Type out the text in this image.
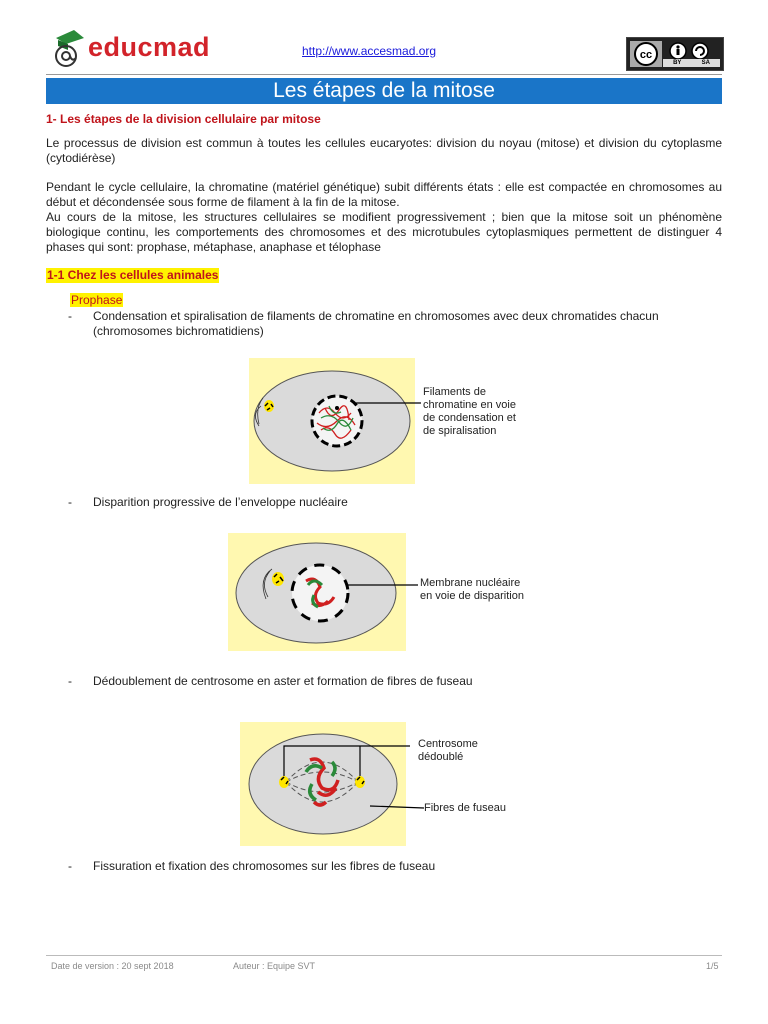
educmad	http://www.accesmad.org	cc
BY	SA
Les étapes de la mitose
1- Les étapes de la division cellulaire par mitose
Le processus de division est commun à toutes les cellules eucaryotes: division du noyau (mitose) et division du cytoplasme (cytodiérèse)
Pendant le cycle cellulaire, la chromatine (matériel génétique) subit différents états : elle est compactée en chromosomes au début et décondensée sous forme de filament à la fin de la mitose.
Au cours de la mitose, les structures cellulaires se modifient progressivement ; bien que la mitose soit un phénomène biologique continu, les comportements des chromosomes et des microtubules cytoplasmiques permettent de distinguer 4 phases qui sont: prophase, métaphase, anaphase et télophase
1-1 Chez les cellules animales
Prophase
- Condensation et spiralisation de filaments de chromatine en chromosomes avec deux chromatides chacun (chromosomes bichromatidiens)
Filaments de
chromatine en voie
de condensation et
de spiralisation
- Disparition progressive de l’enveloppe nucléaire
Membrane nucléaire
en voie de disparition
- Dédoublement de centrosome en aster et formation de fibres de fuseau
Centrosome
dédoublé
Fibres de fuseau
- Fissuration et fixation des chromosomes sur les fibres de fuseau
Date de version : 20 sept 2018	Auteur : Equipe SVT	1/5
